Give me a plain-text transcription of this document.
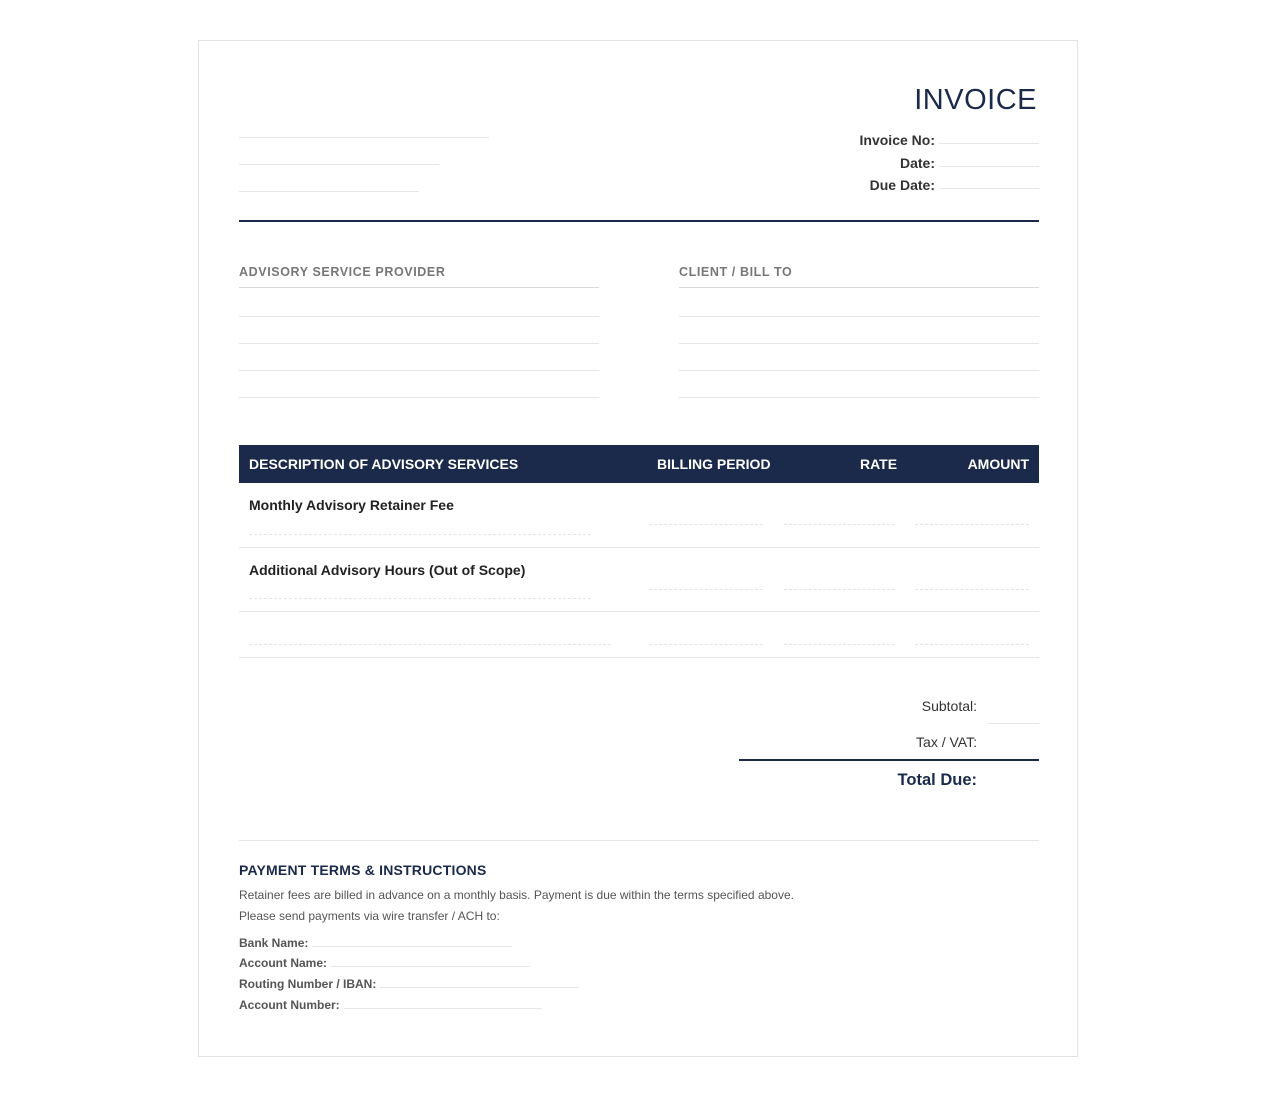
INVOICE
Invoice No:
Date:
Due Date:
ADVISORY SERVICE PROVIDER	CLIENT / BILL TO
DESCRIPTION OF ADVISORY SERVICES	BILLING PERIOD	RATE	AMOUNT
Monthly Advisory Retainer Fee
Additional Advisory Hours (Out of Scope)
Subtotal:
Tax / VAT:
Total Due:
PAYMENT TERMS & INSTRUCTIONS
Retainer fees are billed in advance on a monthly basis. Payment is due within the terms specified above.
Please send payments via wire transfer / ACH to:
Bank Name:
Account Name:
Routing Number / IBAN:
Account Number:
